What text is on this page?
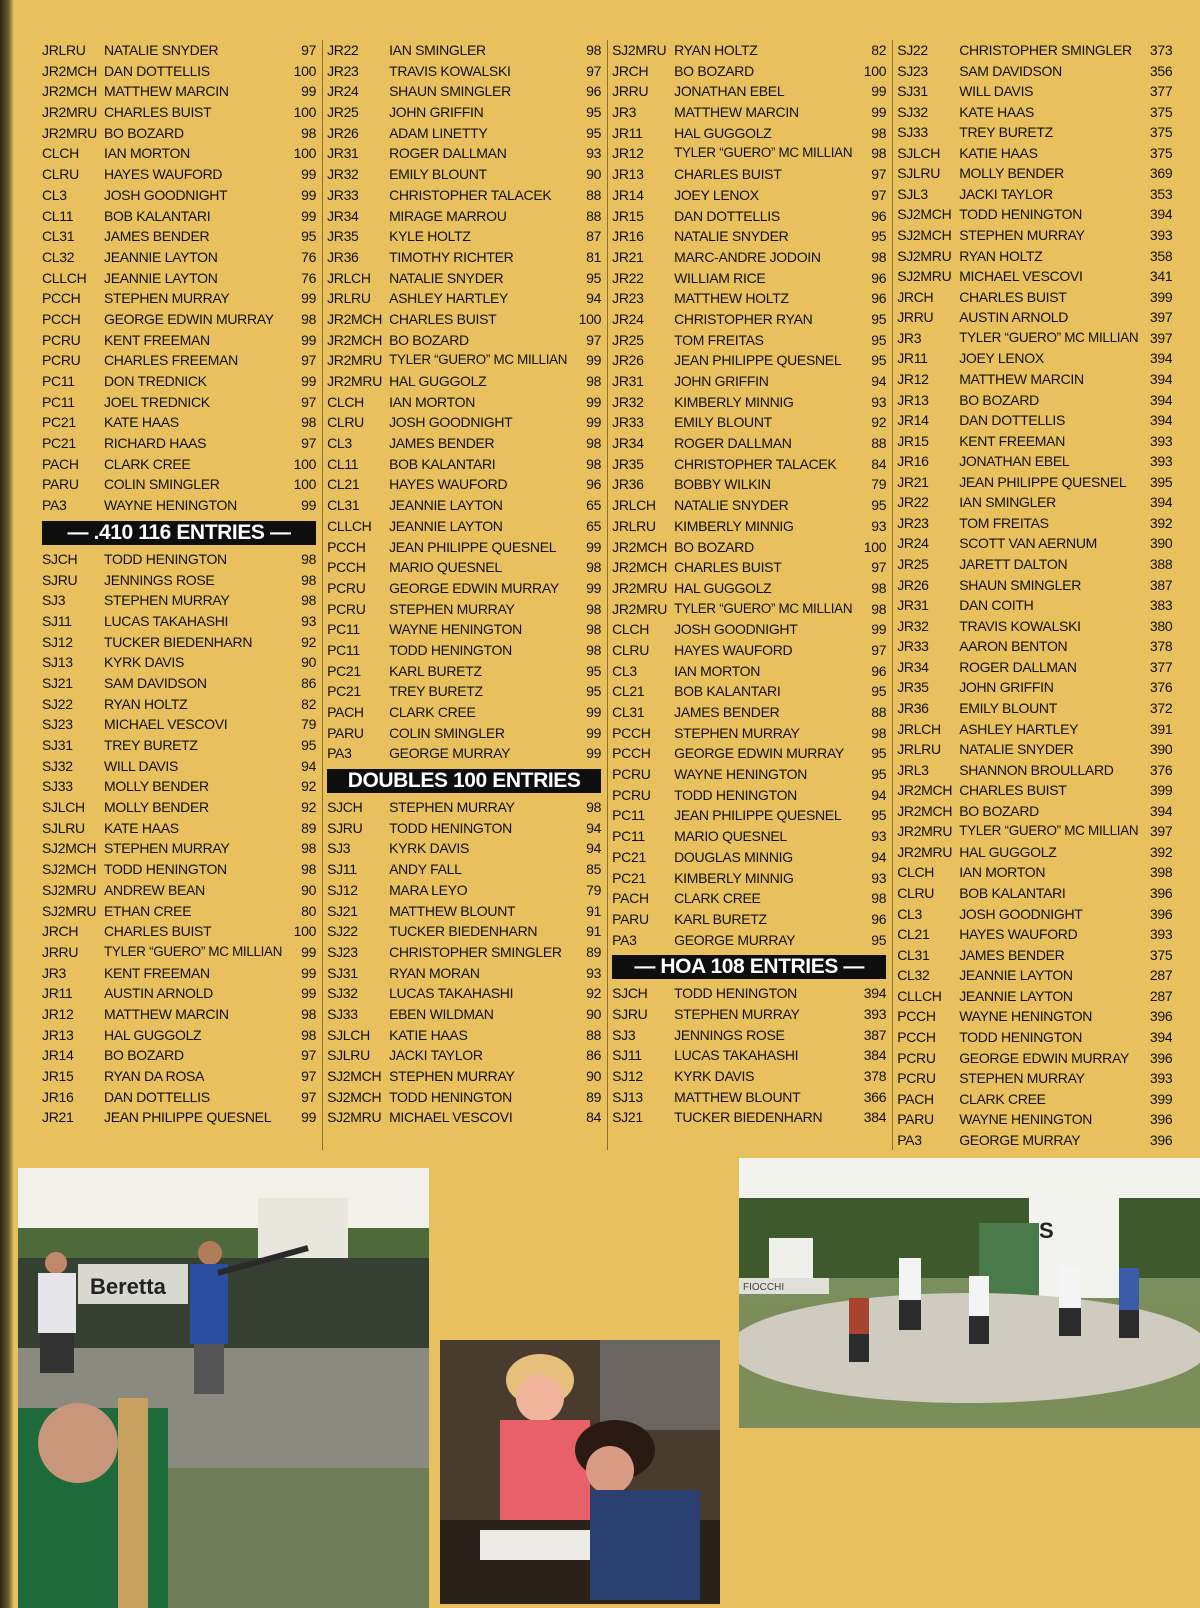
JRLRU	NATALIE SNYDER	97
JR2MCH DAN DOTTELLIS	100
JR2MCH MATTHEW MARCIN	99
JR2MRU CHARLES BUIST	100
JR2MRU BO BOZARD	98
CLCH	IAN MORTON	100
CLRU	HAYES WAUFORD	99
CL3	JOSH GOODNIGHT	99
CL11	BOB KALANTARI	99
CL31	JAMES BENDER	95
CL32	JEANNIE LAYTON	76
CLLCH	JEANNIE LAYTON	76
PCCH	STEPHEN MURRAY	99
PCCH	GEORGE EDWIN MURRAY	98
PCRU	KENT FREEMAN	99
PCRU	CHARLES FREEMAN	97
PC11	DON TREDNICK	99
PC11	JOEL TREDNICK	97
PC21	KATE HAAS	98
PC21	RICHARD HAAS	97
PACH	CLARK CREE	100
PARU	COLIN SMINGLER	100
PA3	WAYNE HENINGTON	99
— .410 116 ENTRIES —
SJCH	TODD HENINGTON	98
SJRU	JENNINGS ROSE	98
SJ3	STEPHEN MURRAY	98
SJ11	LUCAS TAKAHASHI	93
SJ12	TUCKER BIEDENHARN	92
SJ13	KYRK DAVIS	90
SJ21	SAM DAVIDSON	86
SJ22	RYAN HOLTZ	82
SJ23	MICHAEL VESCOVI	79
SJ31	TREY BURETZ	95
SJ32	WILL DAVIS	94
SJ33	MOLLY BENDER	92
SJLCH	MOLLY BENDER	92
SJLRU	KATE HAAS	89
SJ2MCH STEPHEN MURRAY	98
SJ2MCH TODD HENINGTON	98
SJ2MRU ANDREW BEAN	90
SJ2MRU ETHAN CREE	80
JRCH	CHARLES BUIST	100
JRRU	TYLER “GUERO” MC MILLIAN	99
JR3	KENT FREEMAN	99
JR11	AUSTIN ARNOLD	99
JR12	MATTHEW MARCIN	98
JR13	HAL GUGGOLZ	98
JR14	BO BOZARD	97
JR15	RYAN DA ROSA	97
JR16	DAN DOTTELLIS	97
JR21	JEAN PHILIPPE QUESNEL	99
JR22	IAN SMINGLER	98
JR23	TRAVIS KOWALSKI	97
JR24	SHAUN SMINGLER	96
JR25	JOHN GRIFFIN	95
JR26	ADAM LINETTY	95
JR31	ROGER DALLMAN	93
JR32	EMILY BLOUNT	90
JR33	CHRISTOPHER TALACEK	88
JR34	MIRAGE MARROU	88
JR35	KYLE HOLTZ	87
JR36	TIMOTHY RICHTER	81
JRLCH	NATALIE SNYDER	95
JRLRU	ASHLEY HARTLEY	94
JR2MCH CHARLES BUIST	100
JR2MCH BO BOZARD	97
JR2MRU TYLER “GUERO” MC MILLIAN	99
JR2MRU HAL GUGGOLZ	98
CLCH	IAN MORTON	99
CLRU	JOSH GOODNIGHT	99
CL3	JAMES BENDER	98
CL11	BOB KALANTARI	98
CL21	HAYES WAUFORD	96
CL31	JEANNIE LAYTON	65
CLLCH	JEANNIE LAYTON	65
PCCH	JEAN PHILIPPE QUESNEL	99
PCCH	MARIO QUESNEL	98
PCRU	GEORGE EDWIN MURRAY	99
PCRU	STEPHEN MURRAY	98
PC11	WAYNE HENINGTON	98
PC11	TODD HENINGTON	98
PC21	KARL BURETZ	95
PC21	TREY BURETZ	95
PACH	CLARK CREE	99
PARU	COLIN SMINGLER	99
PA3	GEORGE MURRAY	99
DOUBLES 100 ENTRIES
SJCH	STEPHEN MURRAY	98
SJRU	TODD HENINGTON	94
SJ3	KYRK DAVIS	94
SJ11	ANDY FALL	85
SJ12	MARA LEYO	79
SJ21	MATTHEW BLOUNT	91
SJ22	TUCKER BIEDENHARN	91
SJ23	CHRISTOPHER SMINGLER	89
SJ31	RYAN MORAN	93
SJ32	LUCAS TAKAHASHI	92
SJ33	EBEN WILDMAN	90
SJLCH	KATIE HAAS	88
SJLRU	JACKI TAYLOR	86
SJ2MCH STEPHEN MURRAY	90
SJ2MCH TODD HENINGTON	89
SJ2MRU MICHAEL VESCOVI	84
SJ2MRU RYAN HOLTZ	82
JRCH	BO BOZARD	100
JRRU	JONATHAN EBEL	99
JR3	MATTHEW MARCIN	99
JR11	HAL GUGGOLZ	98
JR12	TYLER “GUERO” MC MILLIAN	98
JR13	CHARLES BUIST	97
JR14	JOEY LENOX	97
JR15	DAN DOTTELLIS	96
JR16	NATALIE SNYDER	95
JR21	MARC-ANDRE JODOIN	98
JR22	WILLIAM RICE	96
JR23	MATTHEW HOLTZ	96
JR24	CHRISTOPHER RYAN	95
JR25	TOM FREITAS	95
JR26	JEAN PHILIPPE QUESNEL	95
JR31	JOHN GRIFFIN	94
JR32	KIMBERLY MINNIG	93
JR33	EMILY BLOUNT	92
JR34	ROGER DALLMAN	88
JR35	CHRISTOPHER TALACEK	84
JR36	BOBBY WILKIN	79
JRLCH	NATALIE SNYDER	95
JRLRU	KIMBERLY MINNIG	93
JR2MCH BO BOZARD	100
JR2MCH CHARLES BUIST	97
JR2MRU HAL GUGGOLZ	98
JR2MRU TYLER “GUERO” MC MILLIAN	98
CLCH	JOSH GOODNIGHT	99
CLRU	HAYES WAUFORD	97
CL3	IAN MORTON	96
CL21	BOB KALANTARI	95
CL31	JAMES BENDER	88
PCCH	STEPHEN MURRAY	98
PCCH	GEORGE EDWIN MURRAY	95
PCRU	WAYNE HENINGTON	95
PCRU	TODD HENINGTON	94
PC11	JEAN PHILIPPE QUESNEL	95
PC11	MARIO QUESNEL	93
PC21	DOUGLAS MINNIG	94
PC21	KIMBERLY MINNIG	93
PACH	CLARK CREE	98
PARU	KARL BURETZ	96
PA3	GEORGE MURRAY	95
— HOA 108 ENTRIES —
SJCH	TODD HENINGTON	394
SJRU	STEPHEN MURRAY	393
SJ3	JENNINGS ROSE	387
SJ11	LUCAS TAKAHASHI	384
SJ12	KYRK DAVIS	378
SJ13	MATTHEW BLOUNT	366
SJ21	TUCKER BIEDENHARN	384
SJ22	CHRISTOPHER SMINGLER	373
SJ23	SAM DAVIDSON	356
SJ31	WILL DAVIS	377
SJ32	KATE HAAS	375
SJ33	TREY BURETZ	375
SJLCH	KATIE HAAS	375
SJLRU	MOLLY BENDER	369
SJL3	JACKI TAYLOR	353
SJ2MCH TODD HENINGTON	394
SJ2MCH STEPHEN MURRAY	393
SJ2MRU RYAN HOLTZ	358
SJ2MRU MICHAEL VESCOVI	341
JRCH	CHARLES BUIST	399
JRRU	AUSTIN ARNOLD	397
JR3	TYLER “GUERO” MC MILLIAN 397
JR11	JOEY LENOX	394
JR12	MATTHEW MARCIN	394
JR13	BO BOZARD	394
JR14	DAN DOTTELLIS	394
JR15	KENT FREEMAN	393
JR16	JONATHAN EBEL	393
JR21	JEAN PHILIPPE QUESNEL	395
JR22	IAN SMINGLER	394
JR23	TOM FREITAS	392
JR24	SCOTT VAN AERNUM	390
JR25	JARETT DALTON	388
JR26	SHAUN SMINGLER	387
JR31	DAN COITH	383
JR32	TRAVIS KOWALSKI	380
JR33	AARON BENTON	378
JR34	ROGER DALLMAN	377
JR35	JOHN GRIFFIN	376
JR36	EMILY BLOUNT	372
JRLCH	ASHLEY HARTLEY	391
JRLRU	NATALIE SNYDER	390
JRL3	SHANNON BROULLARD	376
JR2MCH CHARLES BUIST	399
JR2MCH BO BOZARD	394
JR2MRU TYLER “GUERO” MC MILLIAN 397
JR2MRU HAL GUGGOLZ	392
CLCH	IAN MORTON	398
CLRU	BOB KALANTARI	396
CL3	JOSH GOODNIGHT	396
CL21	HAYES WAUFORD	393
CL31	JAMES BENDER	375
CL32	JEANNIE LAYTON	287
CLLCH	JEANNIE LAYTON	287
PCCH	WAYNE HENINGTON	396
PCCH	TODD HENINGTON	394
PCRU	GEORGE EDWIN MURRAY	396
PCRU	STEPHEN MURRAY	393
PACH	CLARK CREE	399
PARU	WAYNE HENINGTON	396
PA3	GEORGE MURRAY	396
Beretta
S
FIOCCHI
